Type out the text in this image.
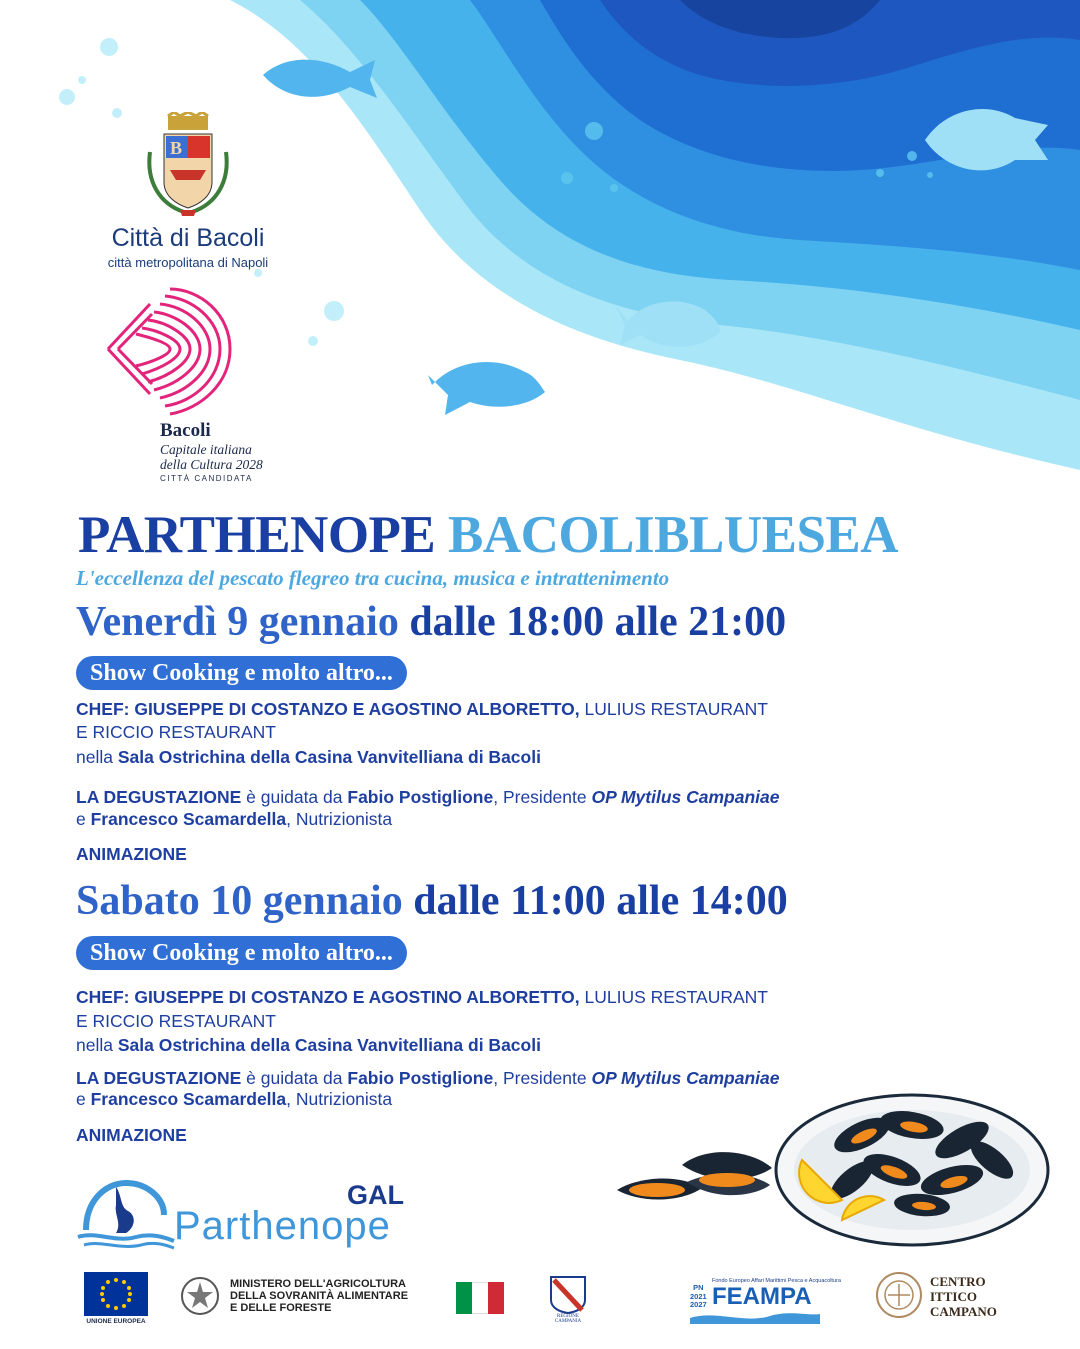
B
Città di Bacoli
città metropolitana di Napoli
Bacoli
Capitale italiana
della Cultura 2028
CITTÀ CANDIDATA
PARTHENOPE BACOLIBLUESEA
L'eccellenza del pescato flegreo tra cucina, musica e intrattenimento
Venerdì 9 gennaio dalle 18:00 alle 21:00
Show Cooking e molto altro...
CHEF: GIUSEPPE DI COSTANZO E AGOSTINO ALBORETTO, LULIUS RESTAURANT
E RICCIO RESTAURANT
nella Sala Ostrichina della Casina Vanvitelliana di Bacoli
LA DEGUSTAZIONE è guidata da Fabio Postiglione, Presidente OP Mytilus Campaniae
e Francesco Scamardella, Nutrizionista
ANIMAZIONE
Sabato 10 gennaio dalle 11:00 alle 14:00
Show Cooking e molto altro...
CHEF: GIUSEPPE DI COSTANZO E AGOSTINO ALBORETTO, LULIUS RESTAURANT
E RICCIO RESTAURANT
nella Sala Ostrichina della Casina Vanvitelliana di Bacoli
LA DEGUSTAZIONE è guidata da Fabio Postiglione, Presidente OP Mytilus Campaniae
e Francesco Scamardella, Nutrizionista
ANIMAZIONE
GAL
Parthenope
UNIONE EUROPEA
MINISTERO DELL'AGRICOLTURA
DELLA SOVRANITÀ ALIMENTARE
E DELLE FORESTE
REGIONE CAMPANIA
Fondo Europeo Affari Marittimi Pesca e Acquacoltura
PN
2021
2027 FEAMPA
CENTRO
ITTICO
CAMPANO
